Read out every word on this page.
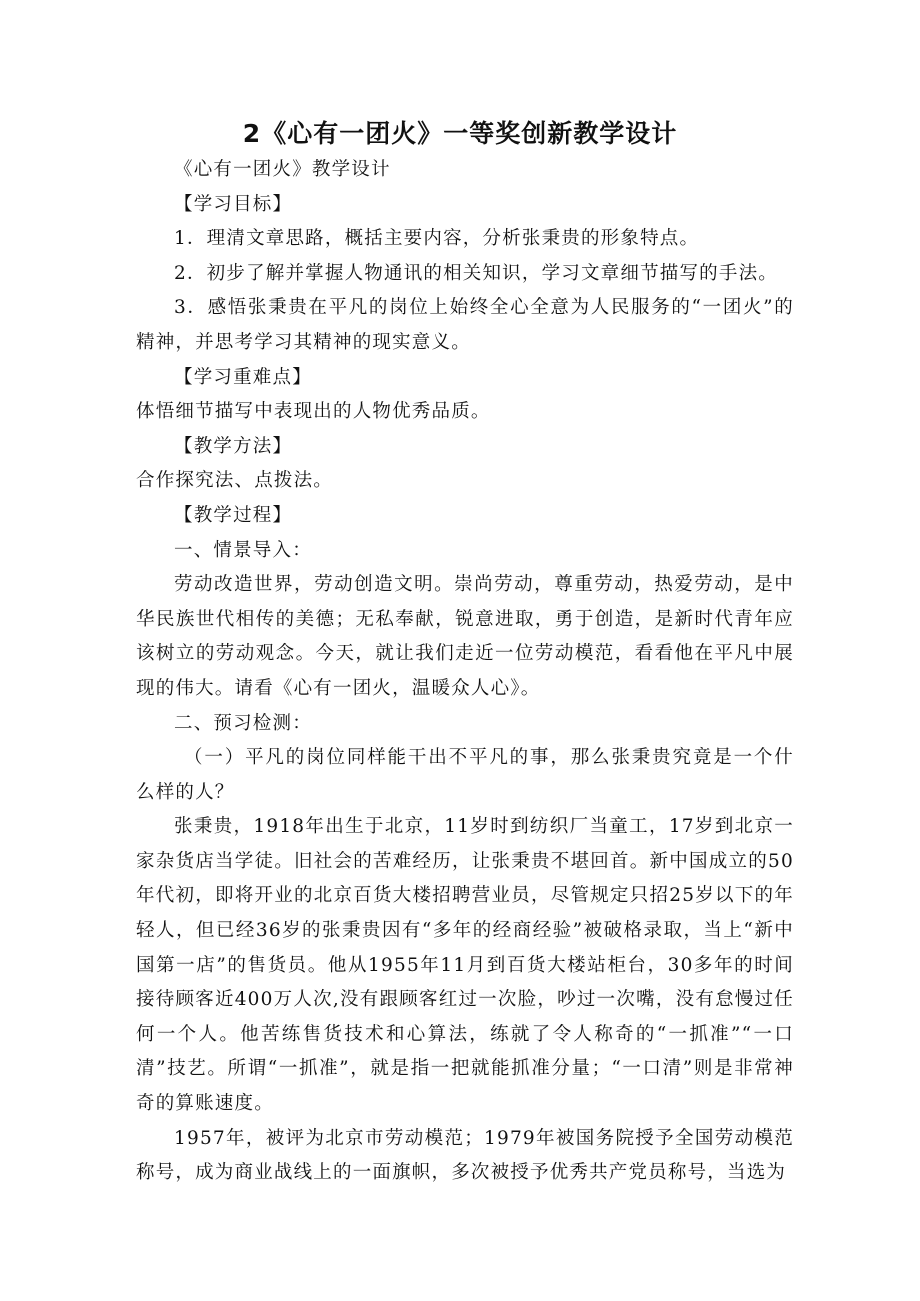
2《心有一团火》一等奖创新教学设计

《心有一团火》教学设计

【学习目标】

1．理清文章思路，概括主要内容，分析张秉贵的形象特点。

2．初步了解并掌握人物通讯的相关知识，学习文章细节描写的手法。

3．感悟张秉贵在平凡的岗位上始终全心全意为人民服务的“一团火”的精神，并思考学习其精神的现实意义。

【学习重难点】

体悟细节描写中表现出的人物优秀品质。

【教学方法】

合作探究法、点拨法。

【教学过程】

一、情景导入：

劳动改造世界，劳动创造文明。崇尚劳动，尊重劳动，热爱劳动，是中华民族世代相传的美德；无私奉献，锐意进取，勇于创造，是新时代青年应该树立的劳动观念。今天，就让我们走近一位劳动模范，看看他在平凡中展现的伟大。请看《心有一团火，温暖众人心》。

二、预习检测：

（一）平凡的岗位同样能干出不平凡的事，那么张秉贵究竟是一个什么样的人？

张秉贵，1918年出生于北京，11岁时到纺织厂当童工，17岁到北京一家杂货店当学徒。旧社会的苦难经历，让张秉贵不堪回首。新中国成立的50年代初，即将开业的北京百货大楼招聘营业员，尽管规定只招25岁以下的年轻人，但已经36岁的张秉贵因有“多年的经商经验”被破格录取，当上“新中国第一店”的售货员。他从1955年11月到百货大楼站柜台，30多年的时间接待顾客近400万人次,没有跟顾客红过一次脸，吵过一次嘴，没有怠慢过任何一个人。他苦练售货技术和心算法，练就了令人称奇的“一抓准”“一口清”技艺。所谓“一抓准”，就是指一把就能抓准分量；“一口清”则是非常神奇的算账速度。

1957年，被评为北京市劳动模范；1979年被国务院授予全国劳动模范称号，成为商业战线上的一面旗帜，多次被授予优秀共产党员称号，当选为
